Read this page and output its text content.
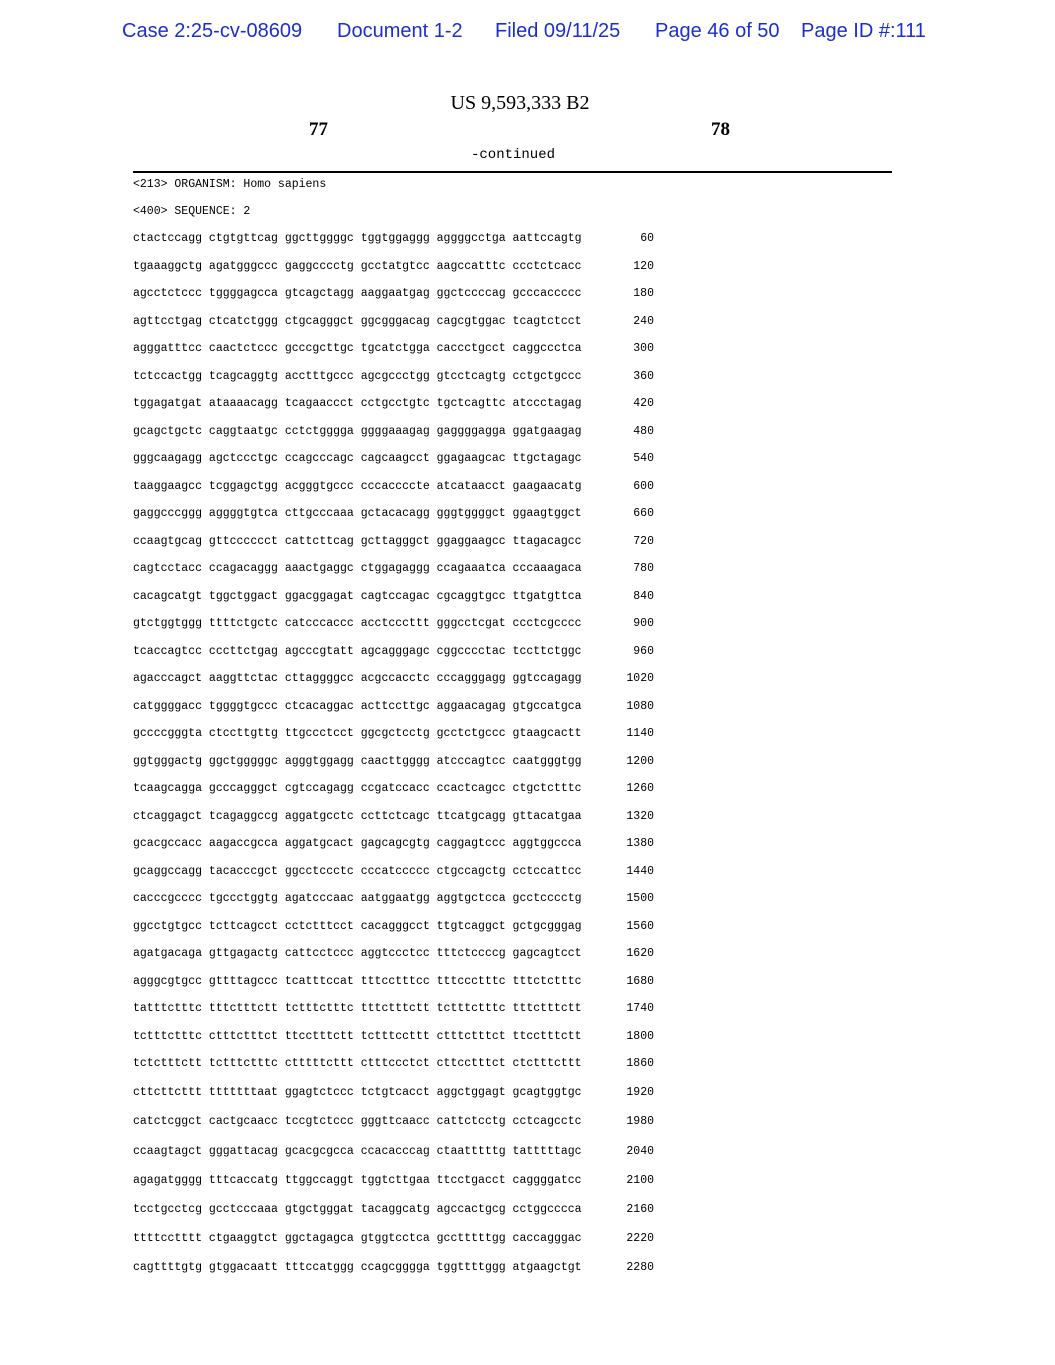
Case 2:25-cv-08609 Document 1-2 Filed 09/11/25 Page 46 of 50 Page ID #:111
US 9,593,333 B2
77	78
-continued
<213> ORGANISM: Homo sapiens
<400> SEQUENCE: 2
ctactccagg ctgtgttcag ggcttggggc tggtggaggg aggggcctga aattccagtg	60
tgaaaggctg agatgggccc gaggcccctg gcctatgtcc aagccatttc ccctctcacc	120
agcctctccc tggggagcca gtcagctagg aaggaatgag ggctccccag gcccaccccc	180
agttcctgag ctcatctggg ctgcagggct ggcgggacag cagcgtggac tcagtctcct	240
agggatttcc caactctccc gcccgcttgc tgcatctgga caccctgcct caggccctca	300
tctccactgg tcagcaggtg acctttgccc agcgccctgg gtcctcagtg cctgctgccc	360
tggagatgat ataaaacagg tcagaaccct cctgcctgtc tgctcagttc atccctagag	420
gcagctgctc caggtaatgc cctctgggga ggggaaagag gaggggagga ggatgaagag	480
gggcaagagg agctccctgc ccagcccagc cagcaagcct ggagaagcac ttgctagagc	540
taaggaagcc tcggagctgg acgggtgccc cccaccccte atcataacct gaagaacatg	600
gaggcccggg aggggtgtca cttgcccaaa gctacacagg gggtggggct ggaagtggct	660
ccaagtgcag gttcccccct cattcttcag gcttagggct ggaggaagcc ttagacagcc	720
cagtcctacc ccagacaggg aaactgaggc ctggagaggg ccagaaatca cccaaagaca	780
cacagcatgt tggctggact ggacggagat cagtccagac cgcaggtgcc ttgatgttca	840
gtctggtggg ttttctgctc catcccaccc acctcccttt gggcctcgat ccctcgcccc	900
tcaccagtcc cccttctgag agcccgtatt agcagggagc cggcccctac tccttctggc	960
agacccagct aaggttctac cttaggggcc acgccacctc cccagggagg ggtccagagg	1020
catggggacc tggggtgccc ctcacaggac acttccttgc aggaacagag gtgccatgca	1080
gccccgggta ctccttgttg ttgccctcct ggcgctcctg gcctctgccc gtaagcactt	1140
ggtgggactg ggctgggggc agggtggagg caacttgggg atcccagtcc caatgggtgg	1200
tcaagcagga gcccagggct cgtccagagg ccgatccacc ccactcagcc ctgctctttc	1260
ctcaggagct tcagaggccg aggatgcctc ccttctcagc ttcatgcagg gttacatgaa	1320
gcacgccacc aagaccgcca aggatgcact gagcagcgtg caggagtccc aggtggccca	1380
gcaggccagg tacacccgct ggcctccctc cccatccccc ctgccagctg cctccattcc	1440
cacccgcccc tgccctggtg agatcccaac aatggaatgg aggtgctcca gcctcccctg	1500
ggcctgtgcc tcttcagcct cctctttcct cacagggcct ttgtcaggct gctgcgggag	1560
agatgacaga gttgagactg cattcctccc aggtccctcc tttctccccg gagcagtcct	1620
agggcgtgcc gttttagccc tcatttccat tttcctttcc tttccctttc tttctctttc	1680
tatttctttc tttctttctt tctttctttc tttctttctt tctttctttc tttctttctt	1740
tctttctttc ctttctttct ttcctttctt tctttccttt ctttctttct ttcctttctt	1800
tctctttctt tctttctttc ctttttcttt ctttccctct cttcctttct ctctttcttt	1860
cttcttcttt tttttttaat ggagtctccc tctgtcacct aggctggagt gcagtggtgc	1920
catctcggct cactgcaacc tccgtctccc gggttcaacc cattctcctg cctcagcctc	1980
ccaagtagct gggattacag gcacgcgcca ccacacccag ctaatttttg tatttttagc	2040
agagatgggg tttcaccatg ttggccaggt tggtcttgaa ttcctgacct caggggatcc	2100
tcctgcctcg gcctcccaaa gtgctgggat tacaggcatg agccactgcg cctggcccca	2160
ttttcctttt ctgaaggtct ggctagagca gtggtcctca gcctttttgg caccagggac	2220
cagttttgtg gtggacaatt tttccatggg ccagcgggga tggttttggg atgaagctgt	2280
